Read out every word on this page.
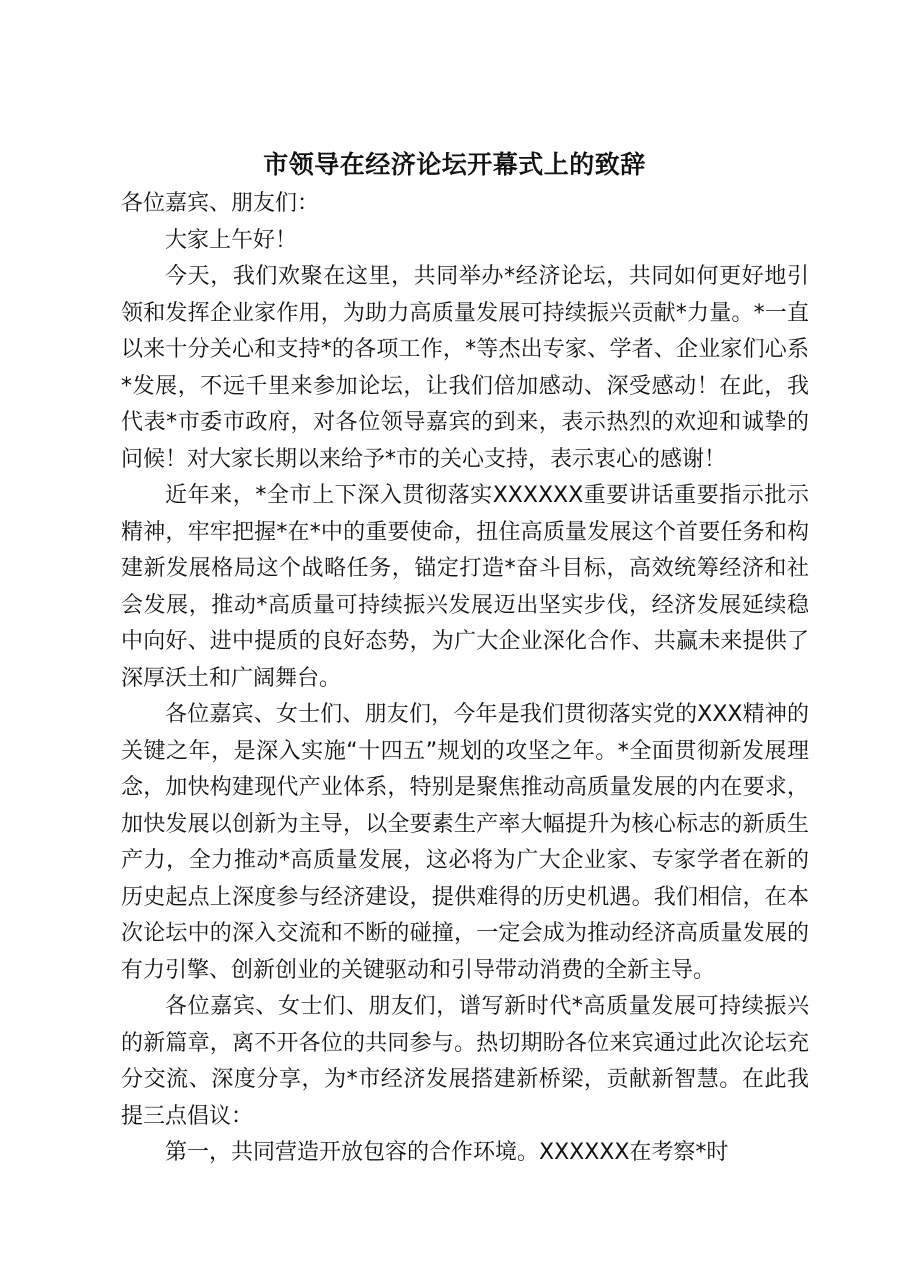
市领导在经济论坛开幕式上的致辞

各位嘉宾、朋友们：

大家上午好！

今天，我们欢聚在这里，共同举办*经济论坛，共同如何更好地引领和发挥企业家作用，为助力高质量发展可持续振兴贡献*力量。*一直以来十分关心和支持*的各项工作，*等杰出专家、学者、企业家们心系*发展，不远千里来参加论坛，让我们倍加感动、深受感动！在此，我代表*市委市政府，对各位领导嘉宾的到来，表示热烈的欢迎和诚挚的问候！对大家长期以来给予*市的关心支持，表示衷心的感谢！

近年来，*全市上下深入贯彻落实XXXXXX重要讲话重要指示批示精神，牢牢把握*在*中的重要使命，扭住高质量发展这个首要任务和构建新发展格局这个战略任务，锚定打造*奋斗目标，高效统筹经济和社会发展，推动*高质量可持续振兴发展迈出坚实步伐，经济发展延续稳中向好、进中提质的良好态势，为广大企业深化合作、共赢未来提供了深厚沃土和广阔舞台。

各位嘉宾、女士们、朋友们，今年是我们贯彻落实党的XXX精神的关键之年，是深入实施“十四五”规划的攻坚之年。*全面贯彻新发展理念，加快构建现代产业体系，特别是聚焦推动高质量发展的内在要求，加快发展以创新为主导，以全要素生产率大幅提升为核心标志的新质生产力，全力推动*高质量发展，这必将为广大企业家、专家学者在新的历史起点上深度参与经济建设，提供难得的历史机遇。我们相信，在本次论坛中的深入交流和不断的碰撞，一定会成为推动经济高质量发展的有力引擎、创新创业的关键驱动和引导带动消费的全新主导。

各位嘉宾、女士们、朋友们，谱写新时代*高质量发展可持续振兴的新篇章，离不开各位的共同参与。热切期盼各位来宾通过此次论坛充分交流、深度分享，为*市经济发展搭建新桥梁，贡献新智慧。在此我提三点倡议：

第一，共同营造开放包容的合作环境。XXXXXX在考察*时
